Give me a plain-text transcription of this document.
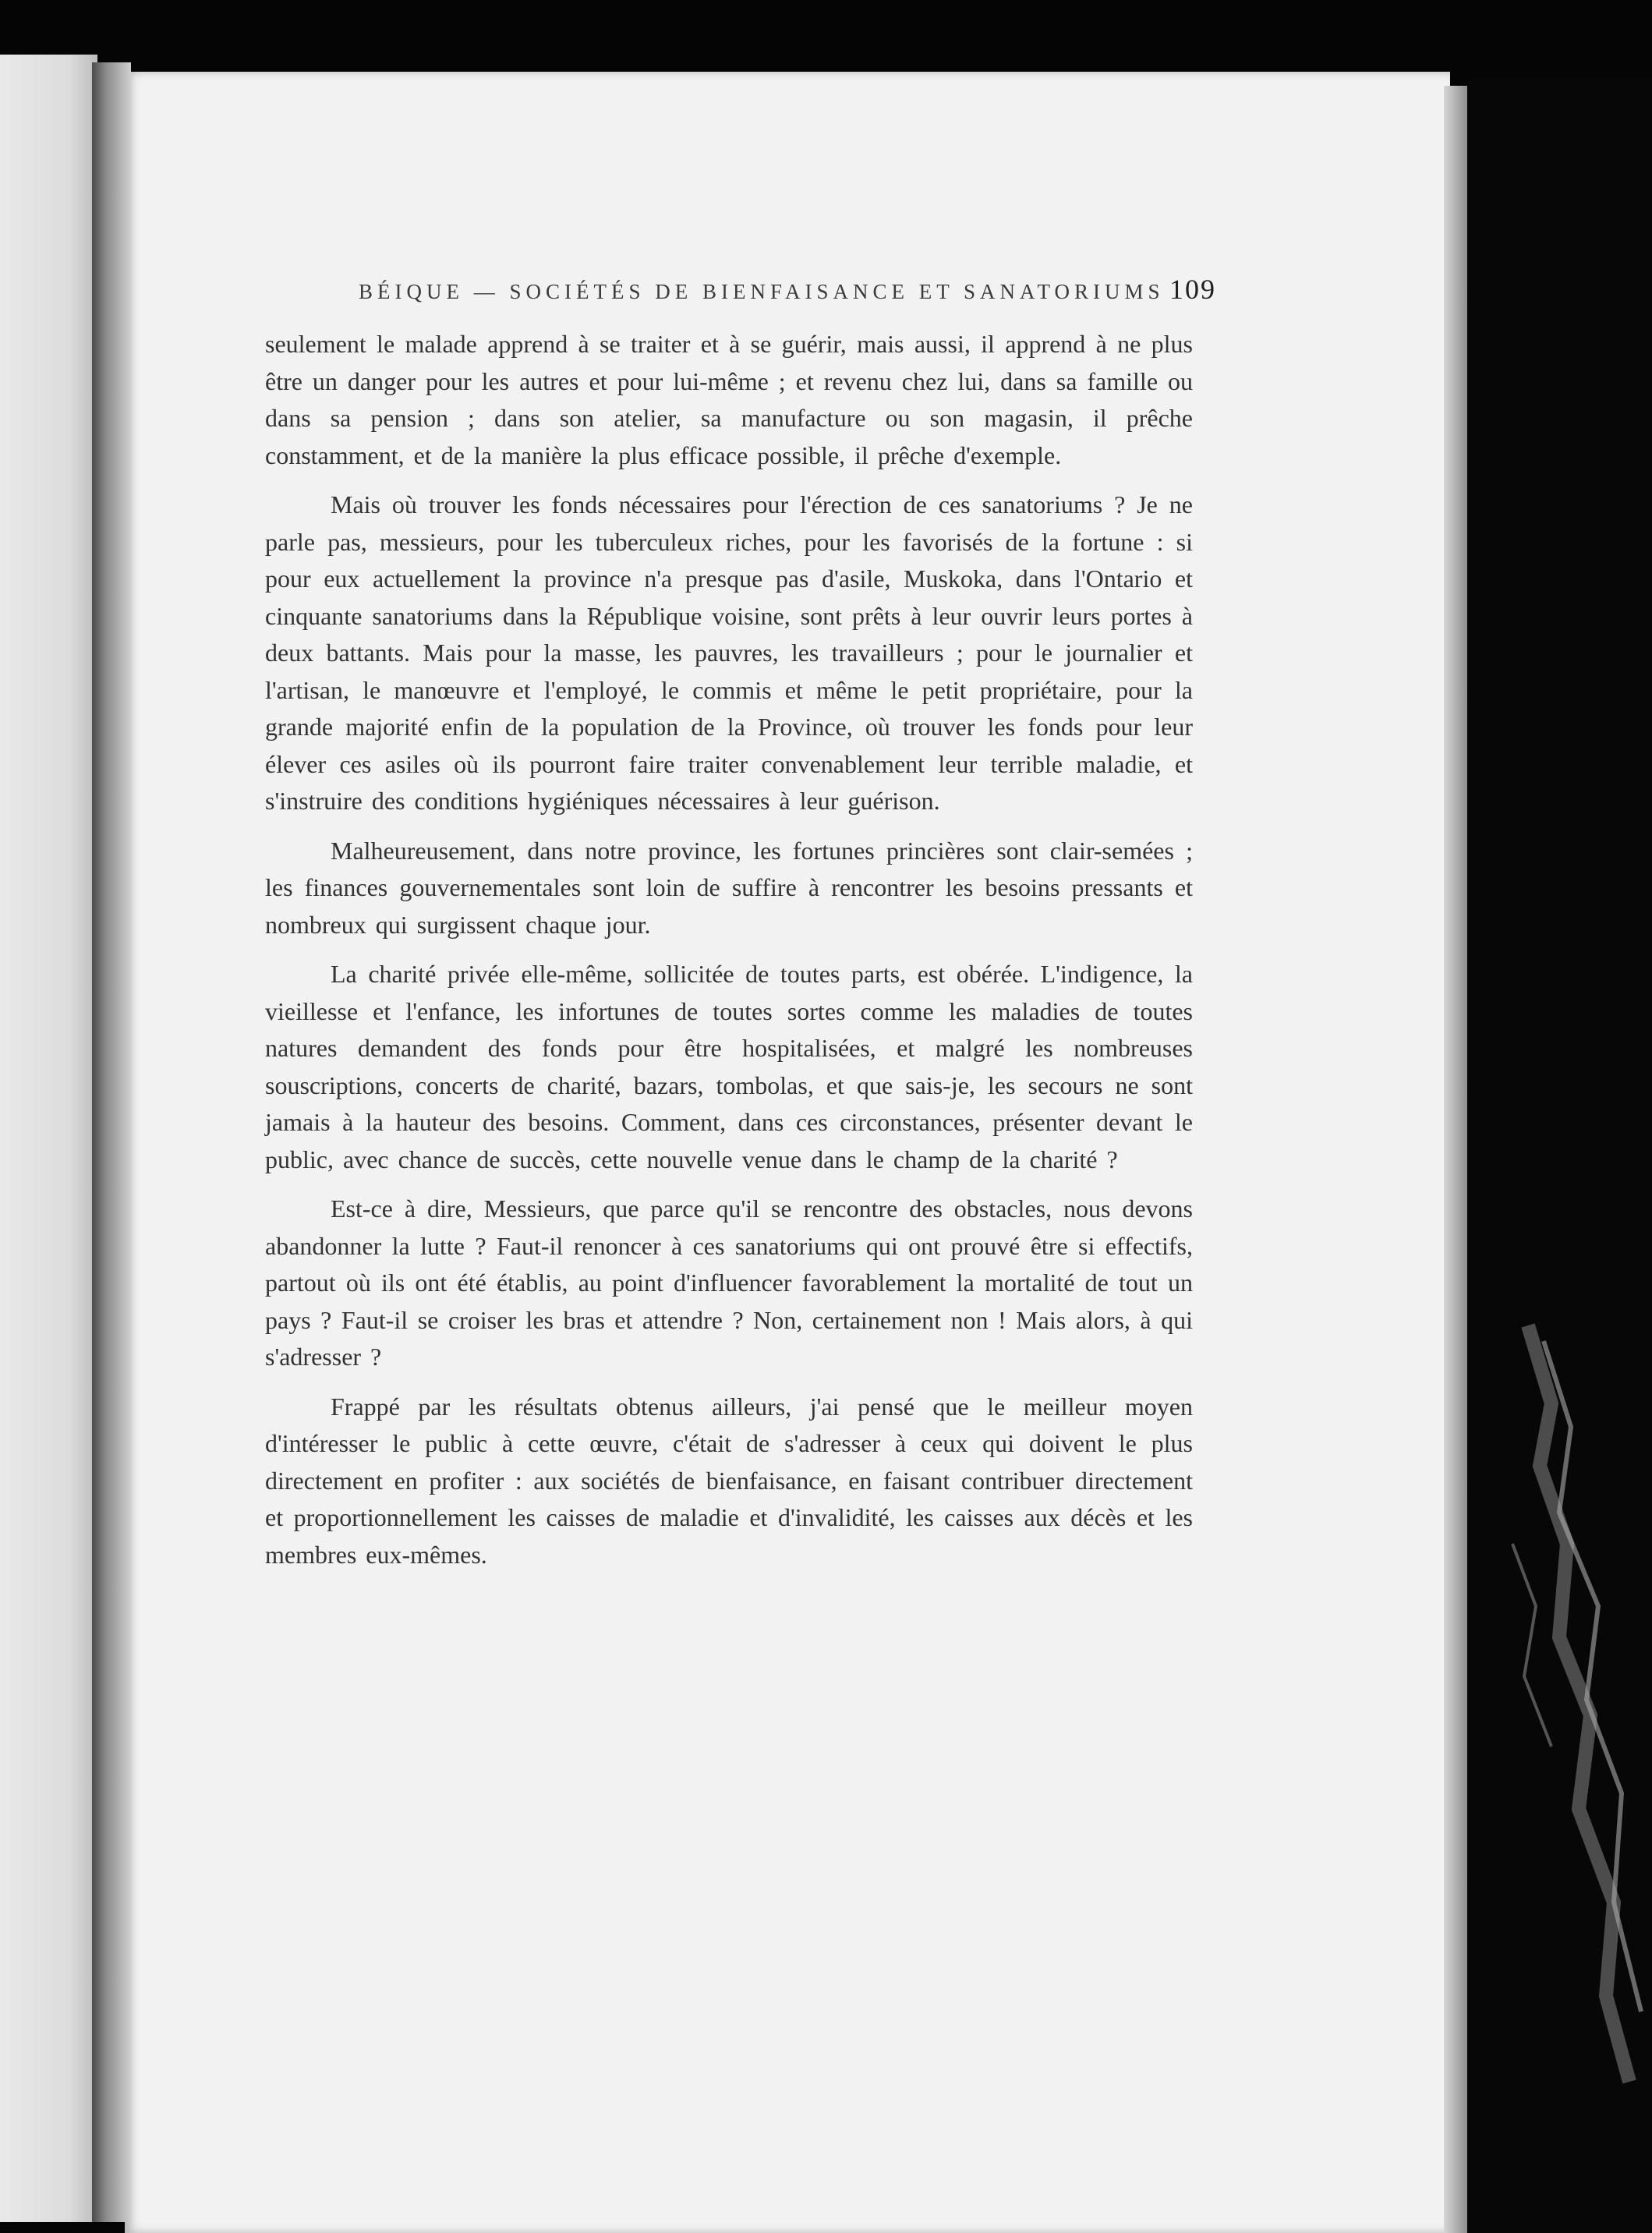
BÉIQUE — SOCIÉTÉS DE BIENFAISANCE ET SANATORIUMS 109

seulement le malade apprend à se traiter et à se guérir, mais aussi, il apprend à ne plus être un danger pour les autres et pour lui-même ; et revenu chez lui, dans sa famille ou dans sa pension ; dans son atelier, sa manufacture ou son magasin, il prêche constamment, et de la manière la plus efficace possible, il prêche d'exemple.

Mais où trouver les fonds nécessaires pour l'érection de ces sanatoriums ? Je ne parle pas, messieurs, pour les tuberculeux riches, pour les favorisés de la fortune : si pour eux actuellement la province n'a presque pas d'asile, Muskoka, dans l'Ontario et cinquante sanatoriums dans la République voisine, sont prêts à leur ouvrir leurs portes à deux battants. Mais pour la masse, les pauvres, les travailleurs ; pour le journalier et l'artisan, le manœuvre et l'employé, le commis et même le petit propriétaire, pour la grande majorité enfin de la population de la Province, où trouver les fonds pour leur élever ces asiles où ils pourront faire traiter convenablement leur terrible maladie, et s'instruire des conditions hygiéniques nécessaires à leur guérison.

Malheureusement, dans notre province, les fortunes princières sont clair-semées ; les finances gouvernementales sont loin de suffire à rencontrer les besoins pressants et nombreux qui surgissent chaque jour.

La charité privée elle-même, sollicitée de toutes parts, est obérée. L'indigence, la vieillesse et l'enfance, les infortunes de toutes sortes comme les maladies de toutes natures demandent des fonds pour être hospitalisées, et malgré les nombreuses souscriptions, concerts de charité, bazars, tombolas, et que sais-je, les secours ne sont jamais à la hauteur des besoins. Comment, dans ces circonstances, présenter devant le public, avec chance de succès, cette nouvelle venue dans le champ de la charité ?

Est-ce à dire, Messieurs, que parce qu'il se rencontre des obstacles, nous devons abandonner la lutte ? Faut-il renoncer à ces sanatoriums qui ont prouvé être si effectifs, partout où ils ont été établis, au point d'influencer favorablement la mortalité de tout un pays ? Faut-il se croiser les bras et attendre ? Non, certainement non ! Mais alors, à qui s'adresser ?

Frappé par les résultats obtenus ailleurs, j'ai pensé que le meilleur moyen d'intéresser le public à cette œuvre, c'était de s'adresser à ceux qui doivent le plus directement en profiter : aux sociétés de bienfaisance, en faisant contribuer directement et proportionnellement les caisses de maladie et d'invalidité, les caisses aux décès et les membres eux-mêmes.
